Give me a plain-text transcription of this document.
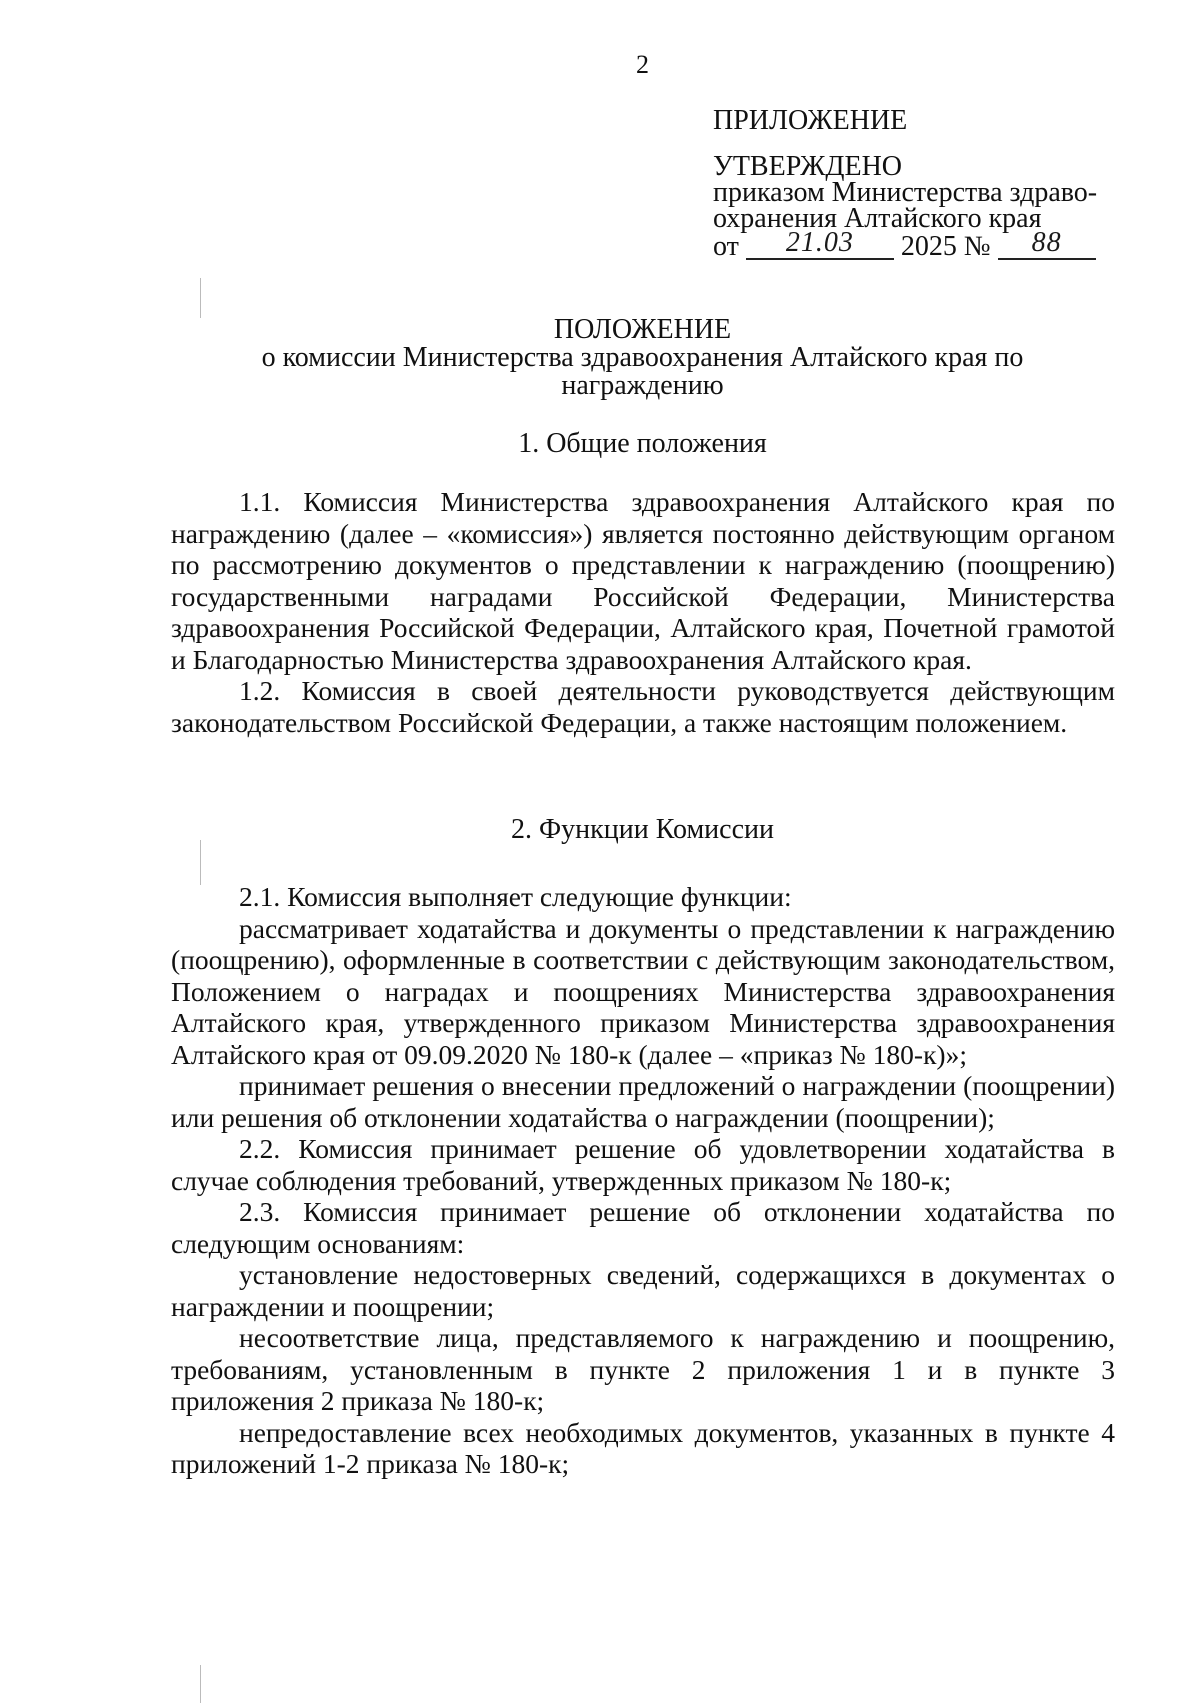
2
ПРИЛОЖЕНИЕ
УТВЕРЖДЕНО
приказом Министерства здраво-
охранения Алтайского края
от	21.03	2025 №	88
ПОЛОЖЕНИЕ
о комиссии Министерства здравоохранения Алтайского края по
награждению
1. Общие положения

1.1. Комиссия Министерства здравоохранения Алтайского края по награждению (далее – «комиссия») является постоянно действующим органом по рассмотрению документов о представлении к награждению (поощрению) государственными наградами Российской Федерации, Министерства здравоохранения Российской Федерации, Алтайского края, Почетной грамотой и Благодарностью Министерства здравоохранения Алтайского края.

1.2. Комиссия в своей деятельности руководствуется действующим законодательством Российской Федерации, а также настоящим положением.

2. Функции Комиссии

2.1. Комиссия выполняет следующие функции:

рассматривает ходатайства и документы о представлении к награждению (поощрению), оформленные в соответствии с действующим законодательством, Положением о наградах и поощрениях Министерства здравоохранения Алтайского края, утвержденного приказом Министерства здравоохранения Алтайского края от 09.09.2020 № 180-к (далее – «приказ № 180-к)»;

принимает решения о внесении предложений о награждении (поощрении) или решения об отклонении ходатайства о награждении (поощрении);

2.2. Комиссия принимает решение об удовлетворении ходатайства в случае соблюдения требований, утвержденных приказом № 180-к;

2.3. Комиссия принимает решение об отклонении ходатайства по следующим основаниям:

установление недостоверных сведений, содержащихся в документах о награждении и поощрении;

несоответствие лица, представляемого к награждению и поощрению, требованиям, установленным в пункте 2 приложения 1 и в пункте 3 приложения 2 приказа № 180-к;

непредоставление всех необходимых документов, указанных в пункте 4 приложений 1-2 приказа № 180-к;
